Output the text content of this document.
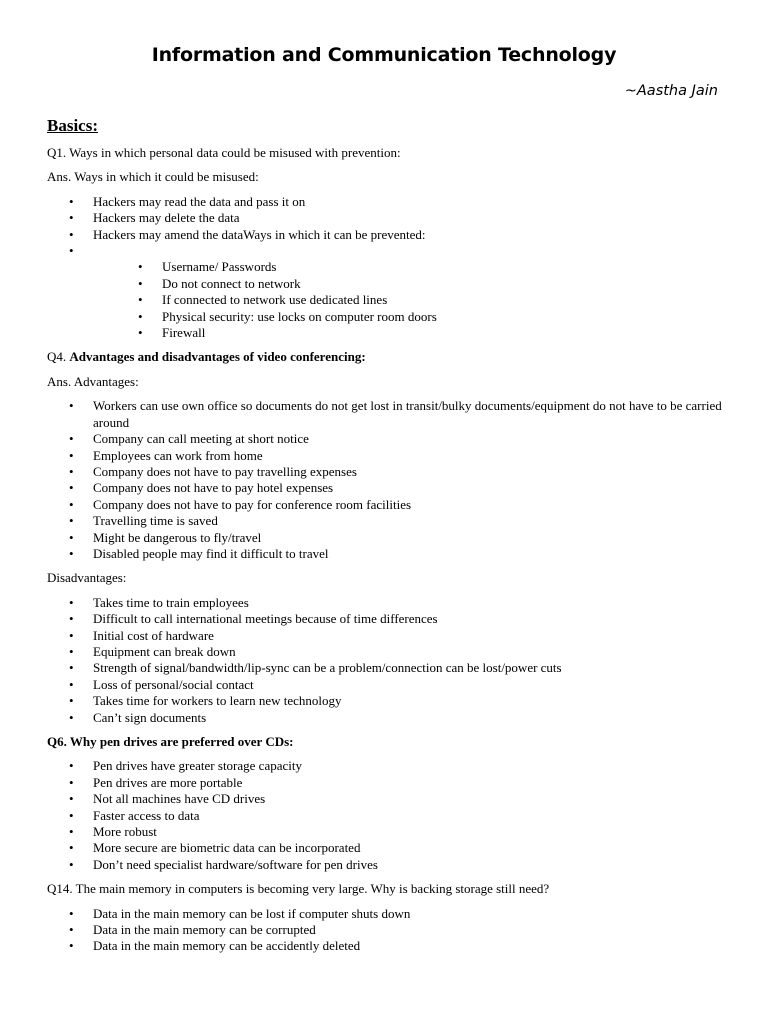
Information and Communication Technology
~Aastha Jain
Basics:

Q1. Ways in which personal data could be misused with prevention:

Ans. Ways in which it could be misused:

• Hackers may read the data and pass it on
• Hackers may delete the data
• Hackers may amend the dataWays in which it can be prevented:

• • Username/ Passwords
• Do not connect to network
• If connected to network use dedicated lines
• Physical security: use locks on computer room doors
• Firewall

Q4. Advantages and disadvantages of video conferencing:

Ans. Advantages:

• Workers can use own office so documents do not get lost in transit/bulky documents/equipment do not have to be carried around
• Company can call meeting at short notice
• Employees can work from home
• Company does not have to pay travelling expenses
• Company does not have to pay hotel expenses
• Company does not have to pay for conference room facilities
• Travelling time is saved
• Might be dangerous to fly/travel
• Disabled people may find it difficult to travel

Disadvantages:

• Takes time to train employees
• Difficult to call international meetings because of time differences
• Initial cost of hardware
• Equipment can break down
• Strength of signal/bandwidth/lip-sync can be a problem/connection can be lost/power cuts
• Loss of personal/social contact
• Takes time for workers to learn new technology
• Can’t sign documents

Q6. Why pen drives are preferred over CDs:

• Pen drives have greater storage capacity
• Pen drives are more portable
• Not all machines have CD drives
• Faster access to data
• More robust
• More secure are biometric data can be incorporated
• Don’t need specialist hardware/software for pen drives

Q14. The main memory in computers is becoming very large. Why is backing storage still need?

• Data in the main memory can be lost if computer shuts down
• Data in the main memory can be corrupted
• Data in the main memory can be accidently deleted
